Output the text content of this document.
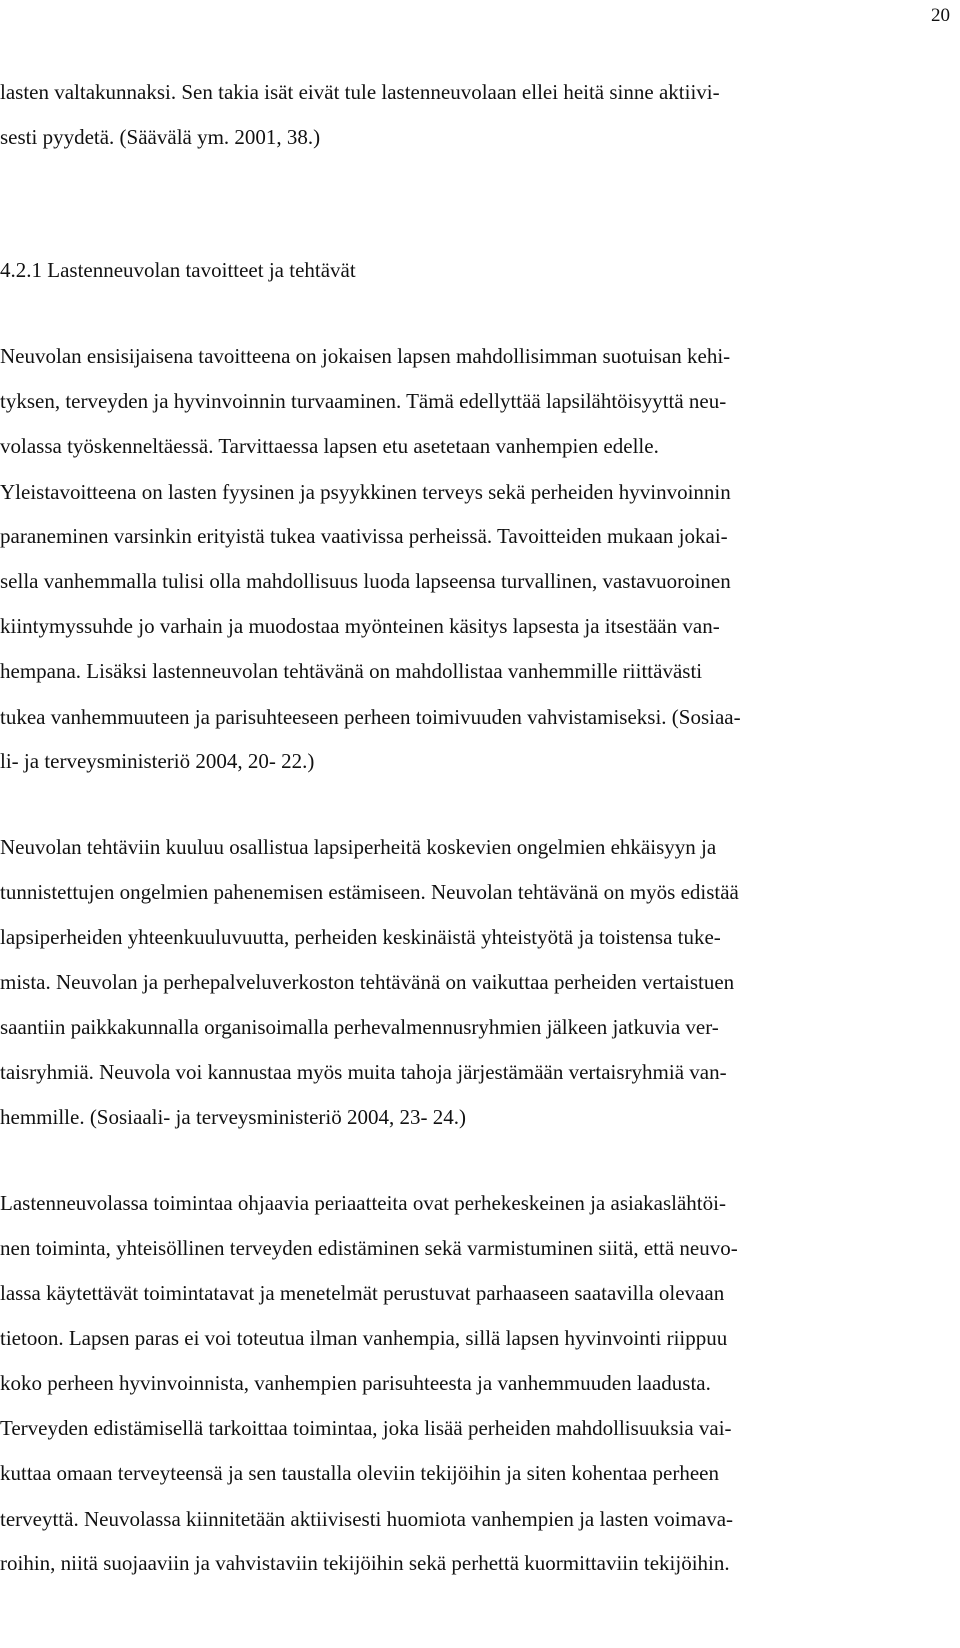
20
lasten valtakunnaksi. Sen takia isät eivät tule lastenneuvolaan ellei heitä sinne aktiivi-
sesti pyydetä. (Säävälä ym. 2001, 38.)
4.2.1 Lastenneuvolan tavoitteet ja tehtävät
Neuvolan ensisijaisena tavoitteena on jokaisen lapsen mahdollisimman suotuisan kehi-
tyksen, terveyden ja hyvinvoinnin turvaaminen. Tämä edellyttää lapsilähtöisyyttä neu-
volassa työskenneltäessä. Tarvittaessa lapsen etu asetetaan vanhempien edelle.
Yleistavoitteena on lasten fyysinen ja psyykkinen terveys sekä perheiden hyvinvoinnin
paraneminen varsinkin erityistä tukea vaativissa perheissä. Tavoitteiden mukaan jokai-
sella vanhemmalla tulisi olla mahdollisuus luoda lapseensa turvallinen, vastavuoroinen
kiintymyssuhde jo varhain ja muodostaa myönteinen käsitys lapsesta ja itsestään van-
hempana. Lisäksi lastenneuvolan tehtävänä on mahdollistaa vanhemmille riittävästi
tukea vanhemmuuteen ja parisuhteeseen perheen toimivuuden vahvistamiseksi. (Sosiaa-
li- ja terveysministeriö 2004, 20- 22.)
Neuvolan tehtäviin kuuluu osallistua lapsiperheitä koskevien ongelmien ehkäisyyn ja
tunnistettujen ongelmien pahenemisen estämiseen. Neuvolan tehtävänä on myös edistää
lapsiperheiden yhteenkuuluvuutta, perheiden keskinäistä yhteistyötä ja toistensa tuke-
mista. Neuvolan ja perhepalveluverkoston tehtävänä on vaikuttaa perheiden vertaistuen
saantiin paikkakunnalla organisoimalla perhevalmennusryhmien jälkeen jatkuvia ver-
taisryhmiä. Neuvola voi kannustaa myös muita tahoja järjestämään vertaisryhmiä van-
hemmille. (Sosiaali- ja terveysministeriö 2004, 23- 24.)
Lastenneuvolassa toimintaa ohjaavia periaatteita ovat perhekeskeinen ja asiakaslähtöi-
nen toiminta, yhteisöllinen terveyden edistäminen sekä varmistuminen siitä, että neuvo-
lassa käytettävät toimintatavat ja menetelmät perustuvat parhaaseen saatavilla olevaan
tietoon. Lapsen paras ei voi toteutua ilman vanhempia, sillä lapsen hyvinvointi riippuu
koko perheen hyvinvoinnista, vanhempien parisuhteesta ja vanhemmuuden laadusta.
Terveyden edistämisellä tarkoittaa toimintaa, joka lisää perheiden mahdollisuuksia vai-
kuttaa omaan terveyteensä ja sen taustalla oleviin tekijöihin ja siten kohentaa perheen
terveyttä. Neuvolassa kiinnitetään aktiivisesti huomiota vanhempien ja lasten voimava-
roihin, niitä suojaaviin ja vahvistaviin tekijöihin sekä perhettä kuormittaviin tekijöihin.
